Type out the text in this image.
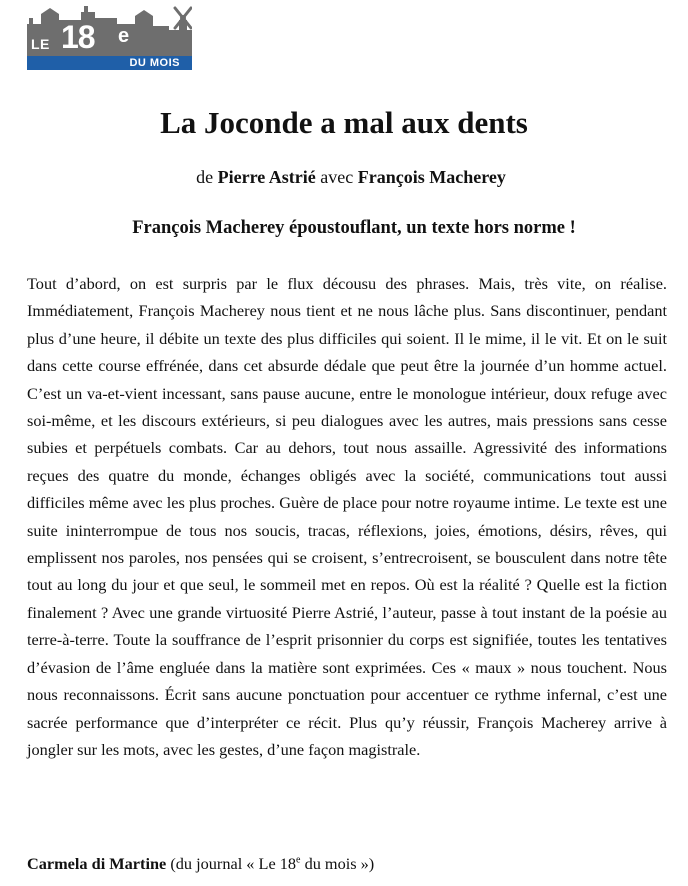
LE 18 e
DU MOIS
La Joconde a mal aux dents
de Pierre Astrié avec François Macherey
François Macherey époustouflant, un texte hors norme !

Tout d’abord, on est surpris par le flux décousu des phrases. Mais, très vite, on réalise. Immédiatement, François Macherey nous tient et ne nous lâche plus. Sans discontinuer, pendant plus d’une heure, il débite un texte des plus difficiles qui soient. Il le mime, il le vit. Et on le suit dans cette course effrénée, dans cet absurde dédale que peut être la journée d’un homme actuel. C’est un va-et-vient incessant, sans pause aucune, entre le monologue intérieur, doux refuge avec soi-même, et les discours extérieurs, si peu dialogues avec les autres, mais pressions sans cesse subies et perpétuels combats. Car au dehors, tout nous assaille. Agressivité des informations reçues des quatre du monde, échanges obligés avec la société, communications tout aussi difficiles même avec les plus proches. Guère de place pour notre royaume intime. Le texte est une suite ininterrompue de tous nos soucis, tracas, réflexions, joies, émotions, désirs, rêves, qui emplissent nos paroles, nos pensées qui se croisent, s’entrecroisent, se bousculent dans notre tête tout au long du jour et que seul, le sommeil met en repos. Où est la réalité ? Quelle est la fiction finalement ? Avec une grande virtuosité Pierre Astrié, l’auteur, passe à tout instant de la poésie au terre-à-terre. Toute la souffrance de l’esprit prisonnier du corps est signifiée, toutes les tentatives d’évasion de l’âme engluée dans la matière sont exprimées. Ces « maux » nous touchent. Nous nous reconnaissons. Écrit sans aucune ponctuation pour accentuer ce rythme infernal, c’est une sacrée performance que d’interpréter ce récit. Plus qu’y réussir, François Macherey arrive à jongler sur les mots, avec les gestes, d’une façon magistrale.

Carmela di Martine (du journal « Le 18e du mois »)
